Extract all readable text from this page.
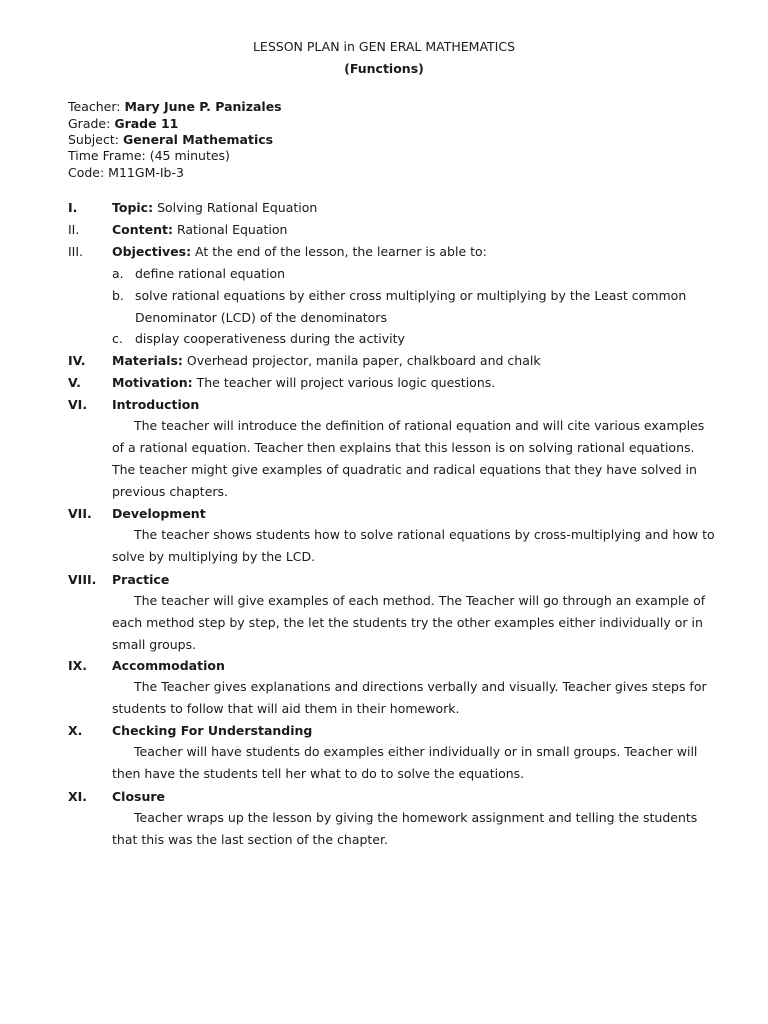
LESSON PLAN in GEN ERAL MATHEMATICS
(Functions)
Teacher: Mary June P. Panizales
Grade: Grade 11
Subject: General Mathematics
Time Frame: (45 minutes)
Code: M11GM-Ib-3
I.	Topic: Solving Rational Equation
II.	Content: Rational Equation
III. Objectives: At the end of the lesson, the learner is able to:
a. define rational equation
b. solve rational equations by either cross multiplying or multiplying by the Least common
Denominator (LCD) of the denominators
c. display cooperativeness during the activity
IV. Materials: Overhead projector, manila paper, chalkboard and chalk
V. Motivation: The teacher will project various logic questions.
VI. Introduction
The teacher will introduce the definition of rational equation and will cite various examples of a rational equation. Teacher then explains that this lesson is on solving rational equations. The teacher might give examples of quadratic and radical equations that they have solved in previous chapters.
VII. Development
The teacher shows students how to solve rational equations by cross-multiplying and how to solve by multiplying by the LCD.
VIII. Practice
The teacher will give examples of each method. The Teacher will go through an example of each method step by step, the let the students try the other examples either individually or in small groups.
IX. Accommodation
The Teacher gives explanations and directions verbally and visually. Teacher gives steps for students to follow that will aid them in their homework.
X. Checking For Understanding
Teacher will have students do examples either individually or in small groups. Teacher will then have the students tell her what to do to solve the equations.
XI. Closure
Teacher wraps up the lesson by giving the homework assignment and telling the students that this was the last section of the chapter.
